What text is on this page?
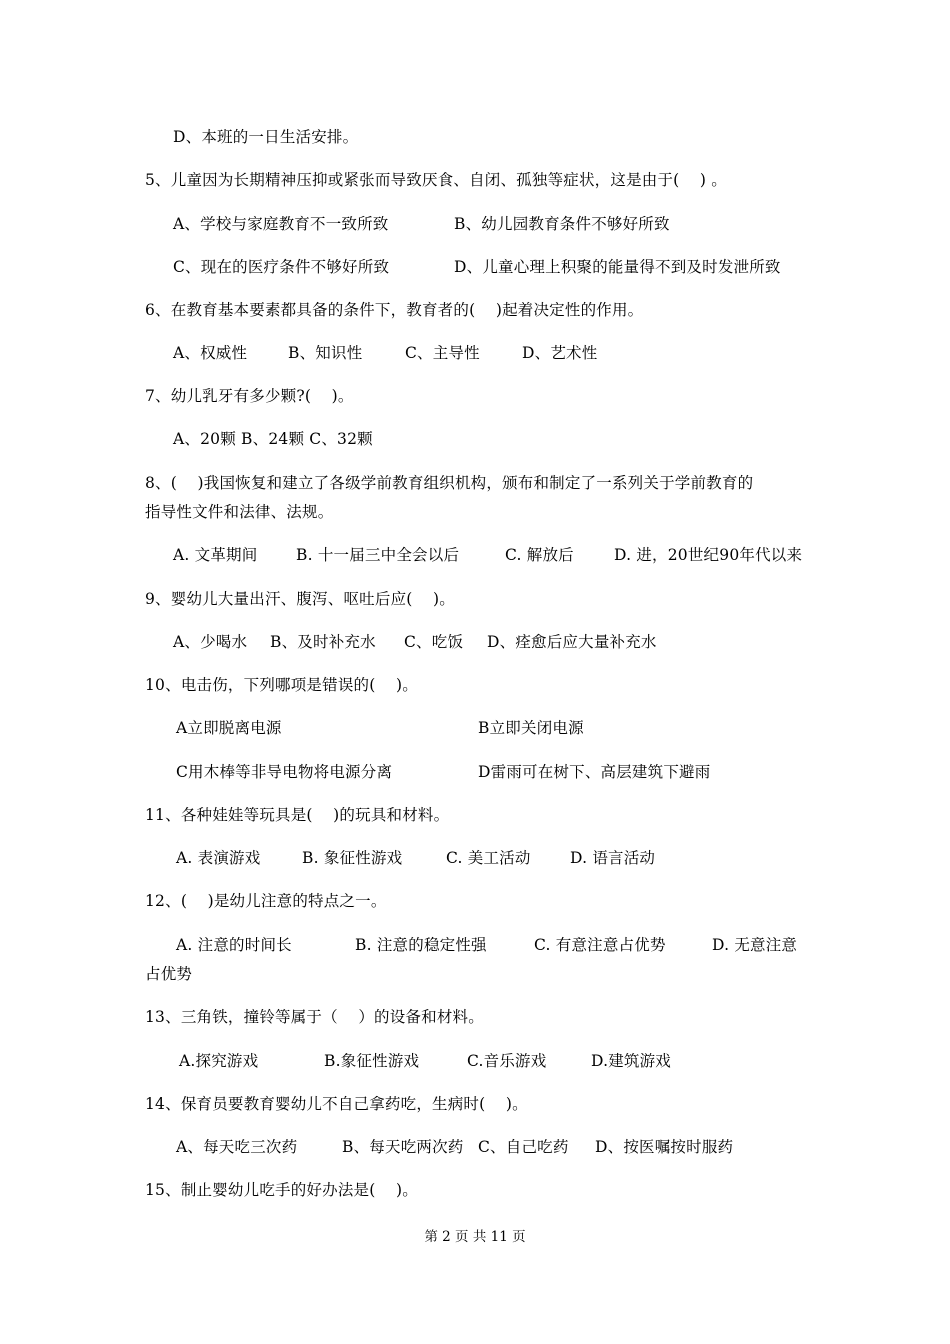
D、本班的一日生活安排。
5、儿童因为长期精神压抑或紧张而导致厌食、自闭、孤独等症状，这是由于(    ) 。
A、学校与家庭教育不一致所致	B、幼儿园教育条件不够好所致
C、现在的医疗条件不够好所致	D、儿童心理上积聚的能量得不到及时发泄所致
6、在教育基本要素都具备的条件下，教育者的(    )起着决定性的作用。
A、权威性	B、知识性	C、主导性	D、艺术性
7、幼儿乳牙有多少颗?(    )。
A、20颗 B、24颗 C、32颗
8、(    )我国恢复和建立了各级学前教育组织机构，颁布和制定了一系列关于学前教育的
指导性文件和法律、法规。
A. 文革期间 B. 十一届三中全会以后	C. 解放后	D. 进，20世纪90年代以来
9、婴幼儿大量出汗、腹泻、呕吐后应(    )。
A、少喝水 B、及时补充水 C、吃饭 D、痊愈后应大量补充水
10、电击伤，下列哪项是错误的(    )。
A立即脱离电源	B立即关闭电源
C用木棒等非导电物将电源分离	D雷雨可在树下、高层建筑下避雨
11、各种娃娃等玩具是(    )的玩具和材料。
A. 表演游戏	B. 象征性游戏	C. 美工活动	D. 语言活动
12、(    )是幼儿注意的特点之一。
A. 注意的时间长	B. 注意的稳定性强	C. 有意注意占优势	D. 无意注意
占优势
13、三角铁，撞铃等属于（    ）的设备和材料。
A.探究游戏	B.象征性游戏	C.音乐游戏	D.建筑游戏
14、保育员要教育婴幼儿不自己拿药吃，生病时(    )。
A、每天吃三次药	B、每天吃两次药 C、自己吃药 D、按医嘱按时服药
15、制止婴幼儿吃手的好办法是(    )。
第 2 页 共 11 页
